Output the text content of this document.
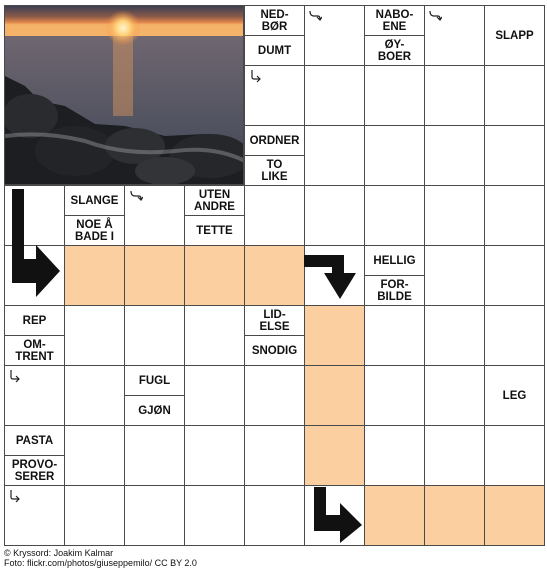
NED-
BØR
DUMT
NABO-
ENE
ØY-
BOER
SLAPP
ORDNER
TO
LIKE
SLANGE
NOE Å
BADE I
UTEN
ANDRE
TETTE
HELLIG
FOR-
BILDE
REP
OM-
TRENT
LID-
ELSE
SNODIG
FUGL
GJØN
LEG
PASTA
PROVO-
SERER
© Kryssord: Joakim Kalmar
Foto: flickr.com/photos/giuseppemilo/ CC BY 2.0
